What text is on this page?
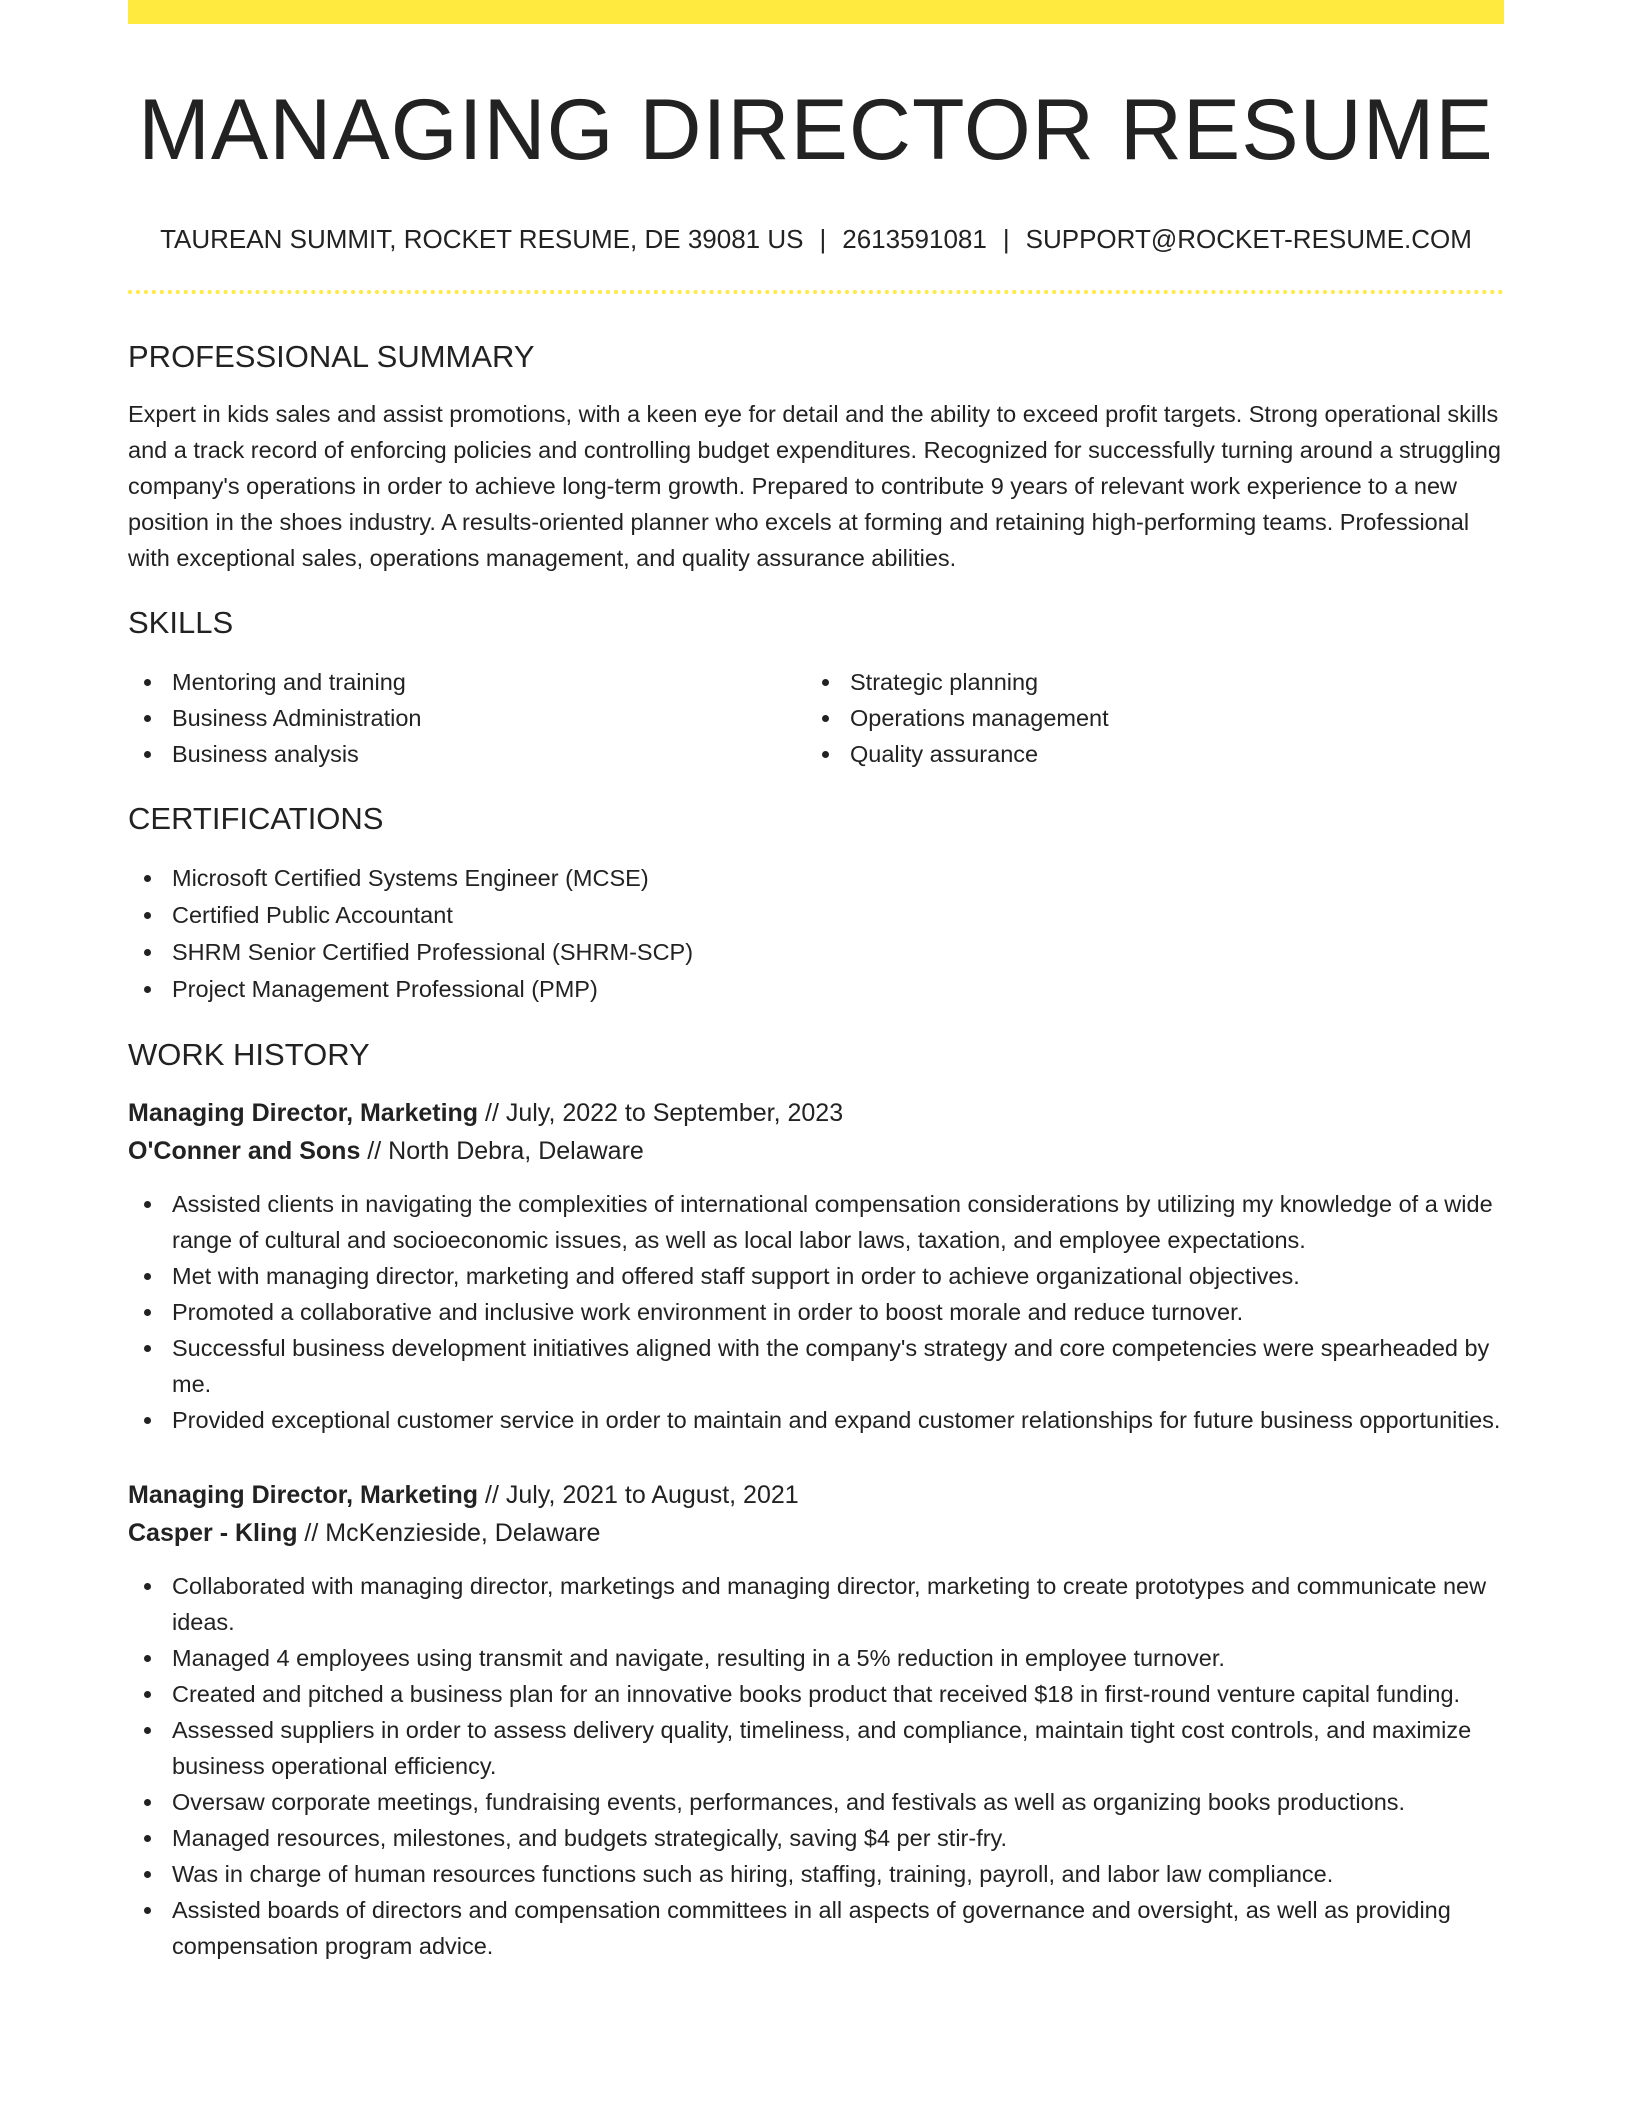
MANAGING DIRECTOR RESUME
TAUREAN SUMMIT, ROCKET RESUME, DE 39081 US | 2613591081 | SUPPORT@ROCKET-RESUME.COM
PROFESSIONAL SUMMARY

Expert in kids sales and assist promotions, with a keen eye for detail and the ability to exceed profit targets. Strong operational skills and a track record of enforcing policies and controlling budget expenditures. Recognized for successfully turning around a struggling company's operations in order to achieve long-term growth. Prepared to contribute 9 years of relevant work experience to a new position in the shoes industry. A results-oriented planner who excels at forming and retaining high-performing teams. Professional with exceptional sales, operations management, and quality assurance abilities.

SKILLS
Mentoring and training
Business Administration
Business analysis
Strategic planning
Operations management
Quality assurance
CERTIFICATIONS
Microsoft Certified Systems Engineer (MCSE)
Certified Public Accountant
SHRM Senior Certified Professional (SHRM-SCP)
Project Management Professional (PMP)
WORK HISTORY
Managing Director, Marketing // July, 2022 to September, 2023
O'Conner and Sons // North Debra, Delaware
Assisted clients in navigating the complexities of international compensation considerations by utilizing my knowledge of a wide range of cultural and socioeconomic issues, as well as local labor laws, taxation, and employee expectations.
Met with managing director, marketing and offered staff support in order to achieve organizational objectives.
Promoted a collaborative and inclusive work environment in order to boost morale and reduce turnover.
Successful business development initiatives aligned with the company's strategy and core competencies were spearheaded by me.
Provided exceptional customer service in order to maintain and expand customer relationships for future business opportunities.
Managing Director, Marketing // July, 2021 to August, 2021
Casper - Kling // McKenzieside, Delaware
Collaborated with managing director, marketings and managing director, marketing to create prototypes and communicate new ideas.
Managed 4 employees using transmit and navigate, resulting in a 5% reduction in employee turnover.
Created and pitched a business plan for an innovative books product that received $18 in first-round venture capital funding.
Assessed suppliers in order to assess delivery quality, timeliness, and compliance, maintain tight cost controls, and maximize business operational efficiency.
Oversaw corporate meetings, fundraising events, performances, and festivals as well as organizing books productions.
Managed resources, milestones, and budgets strategically, saving $4 per stir-fry.
Was in charge of human resources functions such as hiring, staffing, training, payroll, and labor law compliance.
Assisted boards of directors and compensation committees in all aspects of governance and oversight, as well as providing compensation program advice.
